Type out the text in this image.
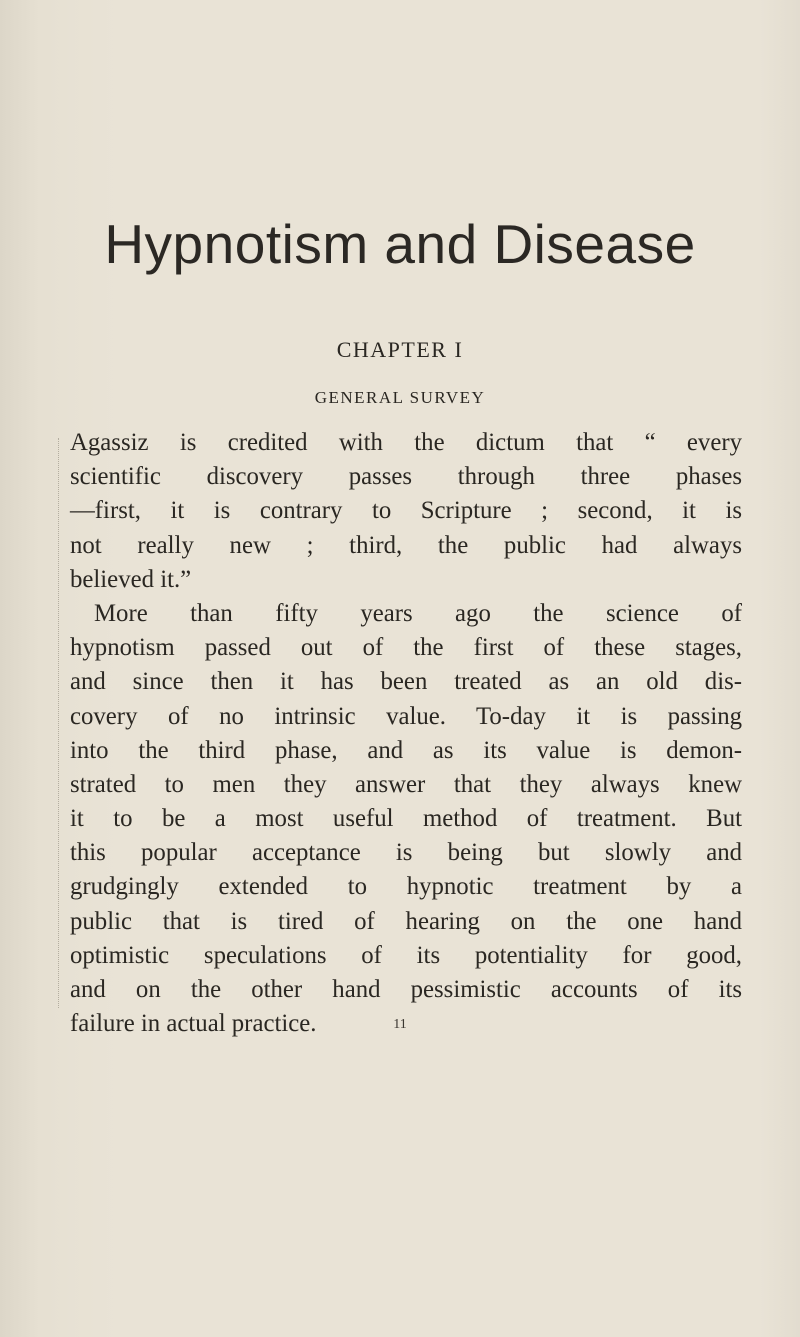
Hypnotism and Disease
CHAPTER I
GENERAL SURVEY
Agassiz is credited with the dictum that “ every
scientific discovery passes through three phases
—first, it is contrary to Scripture ; second, it is
not really new ; third, the public had always
believed it.”
More than fifty years ago the science of
hypnotism passed out of the first of these stages,
and since then it has been treated as an old dis-
covery of no intrinsic value. To-day it is passing
into the third phase, and as its value is demon-
strated to men they answer that they always knew
it to be a most useful method of treatment. But
this popular acceptance is being but slowly and
grudgingly extended to hypnotic treatment by a
public that is tired of hearing on the one hand
optimistic speculations of its potentiality for good,
and on the other hand pessimistic accounts of its
failure in actual practice.	11
